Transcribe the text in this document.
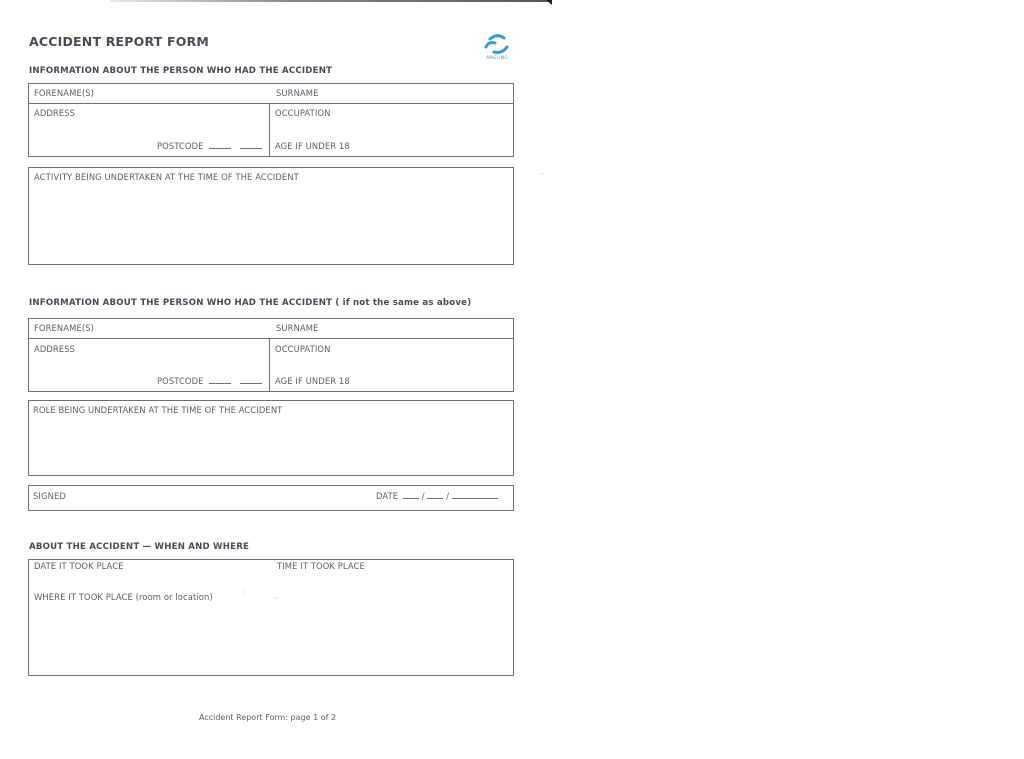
ACCIDENT REPORT FORM
ANGLING
INFORMATION ABOUT THE PERSON WHO HAD THE ACCIDENT
FORENAME(S)	SURNAME
ADDRESS	OCCUPATION
POSTCODE	AGE IF UNDER 18
ACTIVITY BEING UNDERTAKEN AT THE TIME OF THE ACCIDENT
INFORMATION ABOUT THE PERSON WHO HAD THE ACCIDENT ( if not the same as above)
FORENAME(S)	SURNAME
ADDRESS	OCCUPATION
POSTCODE	AGE IF UNDER 18
ROLE BEING UNDERTAKEN AT THE TIME OF THE ACCIDENT
SIGNED	DATE	/	/
ABOUT THE ACCIDENT — WHEN AND WHERE
DATE IT TOOK PLACE	TIME IT TOOK PLACE
WHERE IT TOOK PLACE (room or location)
Accident Report Form: page 1 of 2
